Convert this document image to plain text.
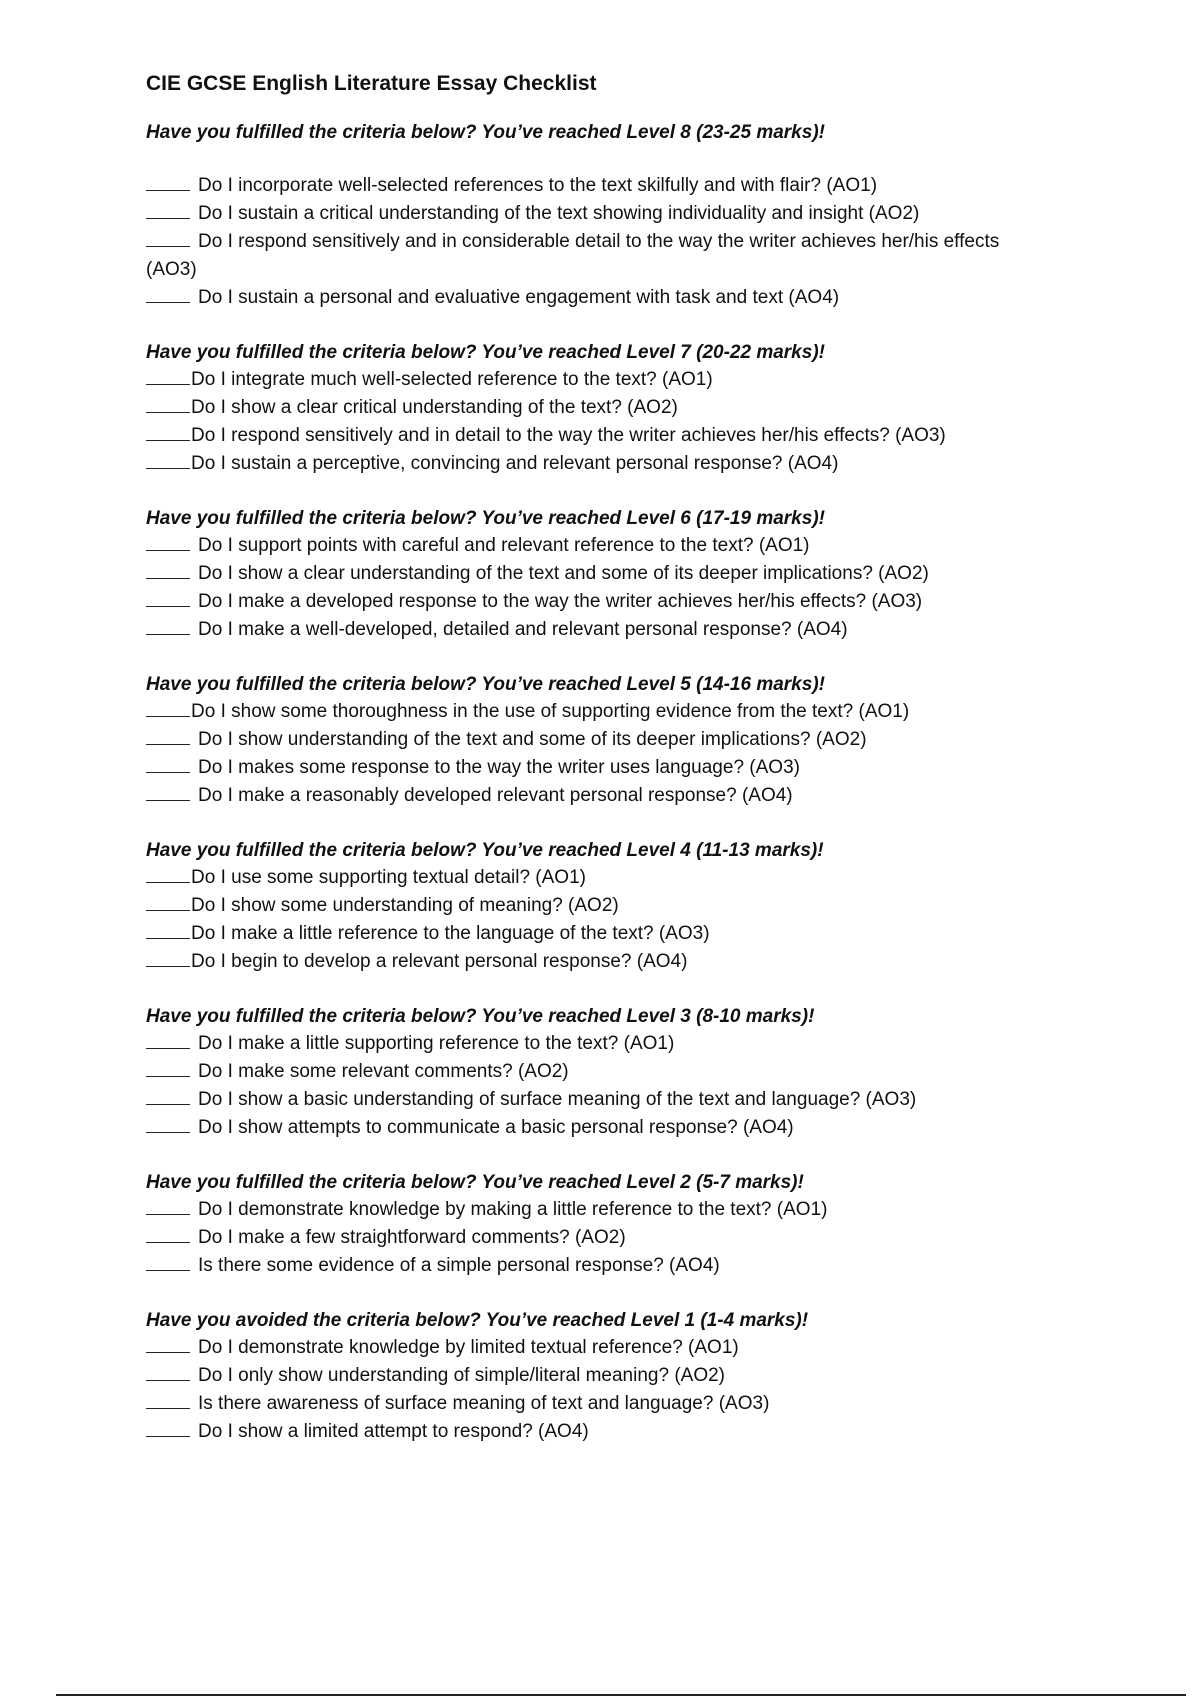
CIE GCSE English Literature Essay Checklist
Have you fulfilled the criteria below? You’ve reached Level 8 (23-25 marks)!
Do I incorporate well-selected references to the text skilfully and with flair? (AO1)
Do I sustain a critical understanding of the text showing individuality and insight (AO2)
Do I respond sensitively and in considerable detail to the way the writer achieves her/his effects (AO3)
Do I sustain a personal and evaluative engagement with task and text (AO4)
Have you fulfilled the criteria below? You’ve reached Level 7 (20-22 marks)!
Do I integrate much well-selected reference to the text? (AO1)
Do I show a clear critical understanding of the text? (AO2)
Do I respond sensitively and in detail to the way the writer achieves her/his effects? (AO3)
Do I sustain a perceptive, convincing and relevant personal response? (AO4)
Have you fulfilled the criteria below? You’ve reached Level 6 (17-19 marks)!
Do I support points with careful and relevant reference to the text? (AO1)
Do I show a clear understanding of the text and some of its deeper implications? (AO2)
Do I make a developed response to the way the writer achieves her/his effects? (AO3)
Do I make a well-developed, detailed and relevant personal response? (AO4)
Have you fulfilled the criteria below? You’ve reached Level 5 (14-16 marks)!
Do I show some thoroughness in the use of supporting evidence from the text? (AO1)
Do I show understanding of the text and some of its deeper implications? (AO2)
Do I makes some response to the way the writer uses language? (AO3)
Do I make a reasonably developed relevant personal response? (AO4)
Have you fulfilled the criteria below? You’ve reached Level 4 (11-13 marks)!
Do I use some supporting textual detail? (AO1)
Do I show some understanding of meaning? (AO2)
Do I make a little reference to the language of the text? (AO3)
Do I begin to develop a relevant personal response? (AO4)
Have you fulfilled the criteria below? You’ve reached Level 3 (8-10 marks)!
Do I make a little supporting reference to the text? (AO1)
Do I make some relevant comments? (AO2)
Do I show a basic understanding of surface meaning of the text and language? (AO3)
Do I show attempts to communicate a basic personal response? (AO4)
Have you fulfilled the criteria below? You’ve reached Level 2 (5-7 marks)!
Do I demonstrate knowledge by making a little reference to the text? (AO1)
Do I make a few straightforward comments? (AO2)
Is there some evidence of a simple personal response? (AO4)
Have you avoided the criteria below? You’ve reached Level 1 (1-4 marks)!
Do I demonstrate knowledge by limited textual reference? (AO1)
Do I only show understanding of simple/literal meaning? (AO2)
Is there awareness of surface meaning of text and language? (AO3)
Do I show a limited attempt to respond? (AO4)
